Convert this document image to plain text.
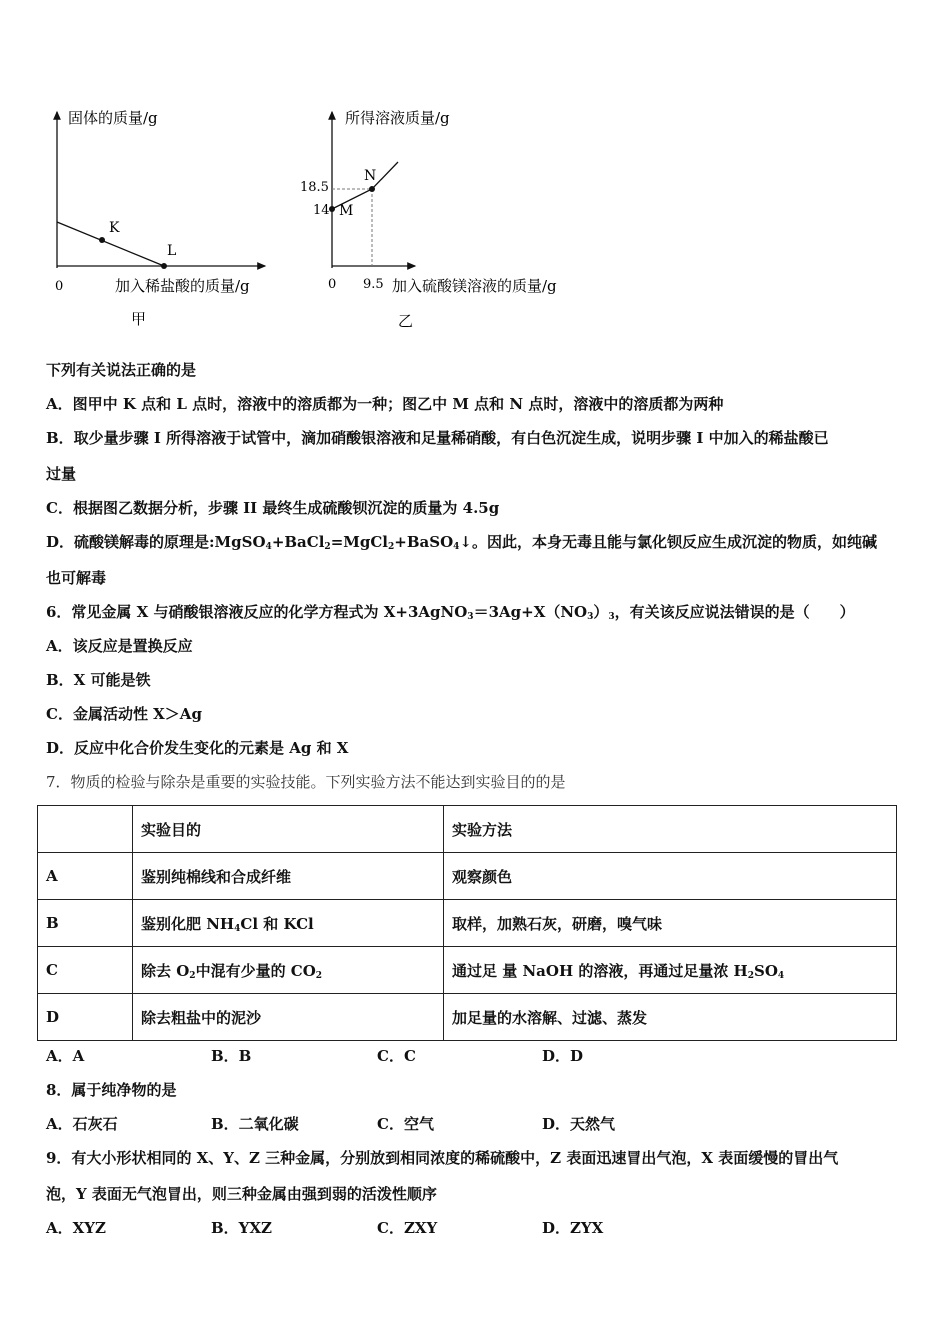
K
L
固体的质量/g
0	加入稀盐酸的质量/g
甲
M
N
18.5
14
所得溶液质量/g
0 9.5 加入硫酸镁溶液的质量/g
乙
下列有关说法正确的是
A．图甲中 K 点和 L 点时，溶液中的溶质都为一种；图乙中 M 点和 N 点时，溶液中的溶质都为两种
B．取少量步骤 I 所得溶液于试管中，滴加硝酸银溶液和足量稀硝酸，有白色沉淀生成，说明步骤 I 中加入的稀盐酸已
过量
C．根据图乙数据分析，步骤 II 最终生成硫酸钡沉淀的质量为 4.5g
D．硫酸镁解毒的原理是:MgSO$_4$+BaCl$_2$=MgCl$_2$+BaSO$_4$↓。因此，本身无毒且能与氯化钡反应生成沉淀的物质，如纯碱
也可解毒
6．常见金属 X 与硝酸银溶液反应的化学方程式为 $X+3AgNO_3=3Ag+X(NO_3)_3$，有关该反应说法错误的是（　　）
A．该反应是置换反应
B．X 可能是铁
C．金属活动性 X＞Ag
D．反应中化合价发生变化的元素是 Ag 和 X
7．物质的检验与除杂是重要的实验技能。下列实验方法不能达到实验目的的是
	实验目的	实验方法
A	鉴别纯棉线和合成纤维	观察颜色
B	鉴别化肥 $NH_4Cl$ 和 KCl	取样，加熟石灰，研磨，嗅气味
C	除去 $O_2$中混有少量的 $CO_2$	通过足 量 NaOH 的溶液，再通过足量浓 $H_2SO_4$
D	除去粗盐中的泥沙	加足量的水溶解、过滤、蒸发
A．A	B．B	C．C	D．D
8．属于纯净物的是
A．石灰石	B．二氧化碳	C．空气	D．天然气
9．有大小形状相同的 X、Y、Z 三种金属，分别放到相同浓度的稀硫酸中，Z 表面迅速冒出气泡，X 表面缓慢的冒出气
泡，Y 表面无气泡冒出，则三种金属由强到弱的活泼性顺序
A．XYZ	B．YXZ	C．ZXY	D．ZYX
